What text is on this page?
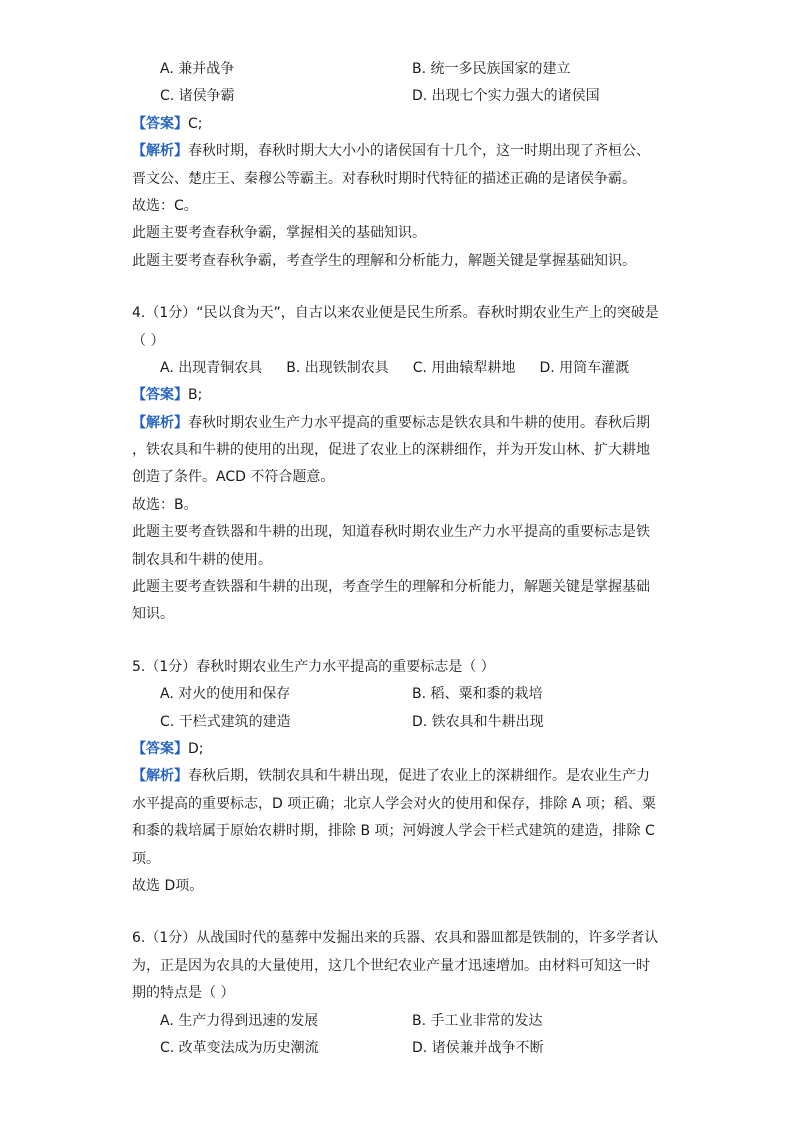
A. 兼并战争	B. 统一多民族国家的建立
C. 诸侯争霸	D. 出现七个实力强大的诸侯国
【答案】C;
【解析】春秋时期，春秋时期大大小小的诸侯国有十几个，这一时期出现了齐桓公、
晋文公、楚庄王、秦穆公等霸主。对春秋时期时代特征的描述正确的是诸侯争霸。
故选：C。
此题主要考查春秋争霸，掌握相关的基础知识。
此题主要考查春秋争霸，考查学生的理解和分析能力，解题关键是掌握基础知识。
4.（1分）“民以食为天”，自古以来农业便是民生所系。春秋时期农业生产上的突破是
（ ）
A. 出现青铜农具 B. 出现铁制农具 C. 用曲辕犁耕地 D. 用筒车灌溉
【答案】B;
【解析】春秋时期农业生产力水平提高的重要标志是铁农具和牛耕的使用。春秋后期
，铁农具和牛耕的使用的出现，促进了农业上的深耕细作，并为开发山林、扩大耕地
创造了条件。ACD 不符合题意。
故选：B。
此题主要考查铁器和牛耕的出现，知道春秋时期农业生产力水平提高的重要标志是铁
制农具和牛耕的使用。
此题主要考查铁器和牛耕的出现，考查学生的理解和分析能力，解题关键是掌握基础
知识。
5.（1分）春秋时期农业生产力水平提高的重要标志是（ ）
A. 对火的使用和保存	B. 稻、粟和黍的栽培
C. 干栏式建筑的建造	D. 铁农具和牛耕出现
【答案】D;
【解析】春秋后期，铁制农具和牛耕出现，促进了农业上的深耕细作。是农业生产力
水平提高的重要标志，D 项正确；北京人学会对火的使用和保存，排除 A 项；稻、粟
和黍的栽培属于原始农耕时期，排除 B 项；河姆渡人学会干栏式建筑的建造，排除 C
项。
故选 D项。
6.（1分）从战国时代的墓葬中发掘出来的兵器、农具和器皿都是铁制的，许多学者认
为，正是因为农具的大量使用，这几个世纪农业产量才迅速增加。由材料可知这一时
期的特点是（ ）
A. 生产力得到迅速的发展	B. 手工业非常的发达
C. 改革变法成为历史潮流	D. 诸侯兼并战争不断
